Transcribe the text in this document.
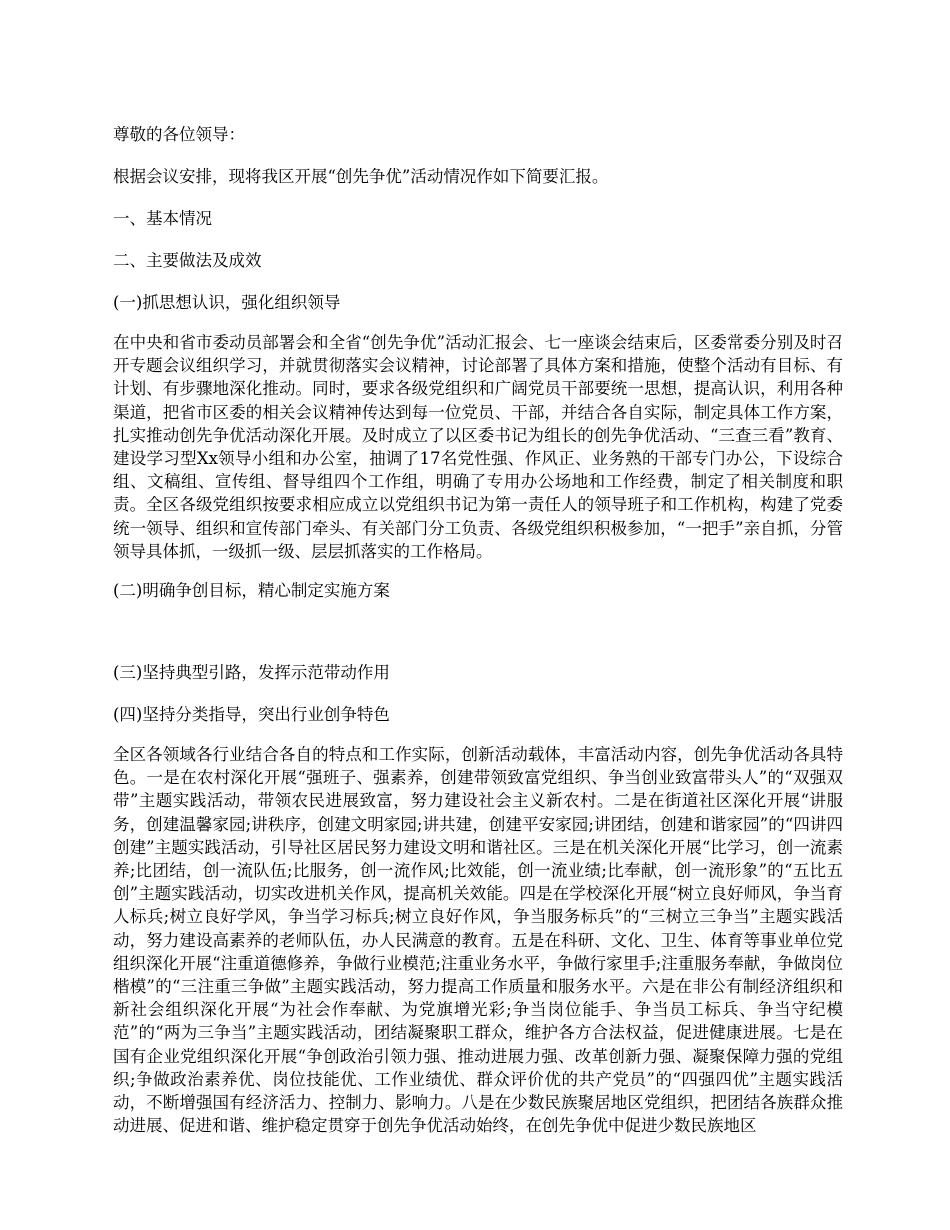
尊敬的各位领导：
根据会议安排，现将我区开展“创先争优”活动情况作如下简要汇报。
一、基本情况
二、主要做法及成效
(一)抓思想认识，强化组织领导
在中央和省市委动员部署会和全省“创先争优”活动汇报会、七一座谈会结束后，区委常委分别及时召开专题会议组织学习，并就贯彻落实会议精神，讨论部署了具体方案和措施，使整个活动有目标、有计划、有步骤地深化推动。同时，要求各级党组织和广阔党员干部要统一思想，提高认识，利用各种渠道，把省市区委的相关会议精神传达到每一位党员、干部，并结合各自实际，制定具体工作方案，扎实推动创先争优活动深化开展。及时成立了以区委书记为组长的创先争优活动、“三查三看”教育、建设学习型Xx领导小组和办公室，抽调了17名党性强、作风正、业务熟的干部专门办公，下设综合组、文稿组、宣传组、督导组四个工作组，明确了专用办公场地和工作经费，制定了相关制度和职责。全区各级党组织按要求相应成立以党组织书记为第一责任人的领导班子和工作机构，构建了党委统一领导、组织和宣传部门牵头、有关部门分工负责、各级党组织积极参加，“一把手”亲自抓，分管领导具体抓，一级抓一级、层层抓落实的工作格局。
(二)明确争创目标，精心制定实施方案
(三)坚持典型引路，发挥示范带动作用
(四)坚持分类指导，突出行业创争特色
全区各领域各行业结合各自的特点和工作实际，创新活动载体，丰富活动内容，创先争优活动各具特色。一是在农村深化开展“强班子、强素养，创建带领致富党组织、争当创业致富带头人”的“双强双带”主题实践活动，带领农民进展致富，努力建设社会主义新农村。二是在街道社区深化开展“讲服务，创建温馨家园;讲秩序，创建文明家园;讲共建，创建平安家园;讲团结，创建和谐家园”的“四讲四创建”主题实践活动，引导社区居民努力建设文明和谐社区。三是在机关深化开展“比学习，创一流素养;比团结，创一流队伍;比服务，创一流作风;比效能，创一流业绩;比奉献，创一流形象”的“五比五创”主题实践活动，切实改进机关作风，提高机关效能。四是在学校深化开展“树立良好师风，争当育人标兵;树立良好学风，争当学习标兵;树立良好作风，争当服务标兵”的“三树立三争当”主题实践活动，努力建设高素养的老师队伍，办人民满意的教育。五是在科研、文化、卫生、体育等事业单位党组织深化开展“注重道德修养，争做行业模范;注重业务水平，争做行家里手;注重服务奉献，争做岗位楷模”的“三注重三争做”主题实践活动，努力提高工作质量和服务水平。六是在非公有制经济组织和新社会组织深化开展“为社会作奉献、为党旗增光彩;争当岗位能手、争当员工标兵、争当守纪模范”的“两为三争当”主题实践活动，团结凝聚职工群众，维护各方合法权益，促进健康进展。七是在国有企业党组织深化开展“争创政治引领力强、推动进展力强、改革创新力强、凝聚保障力强的党组织;争做政治素养优、岗位技能优、工作业绩优、群众评价优的共产党员”的“四强四优”主题实践活动，不断增强国有经济活力、控制力、影响力。八是在少数民族聚居地区党组织，把团结各族群众推动进展、促进和谐、维护稳定贯穿于创先争优活动始终，在创先争优中促进少数民族地区
